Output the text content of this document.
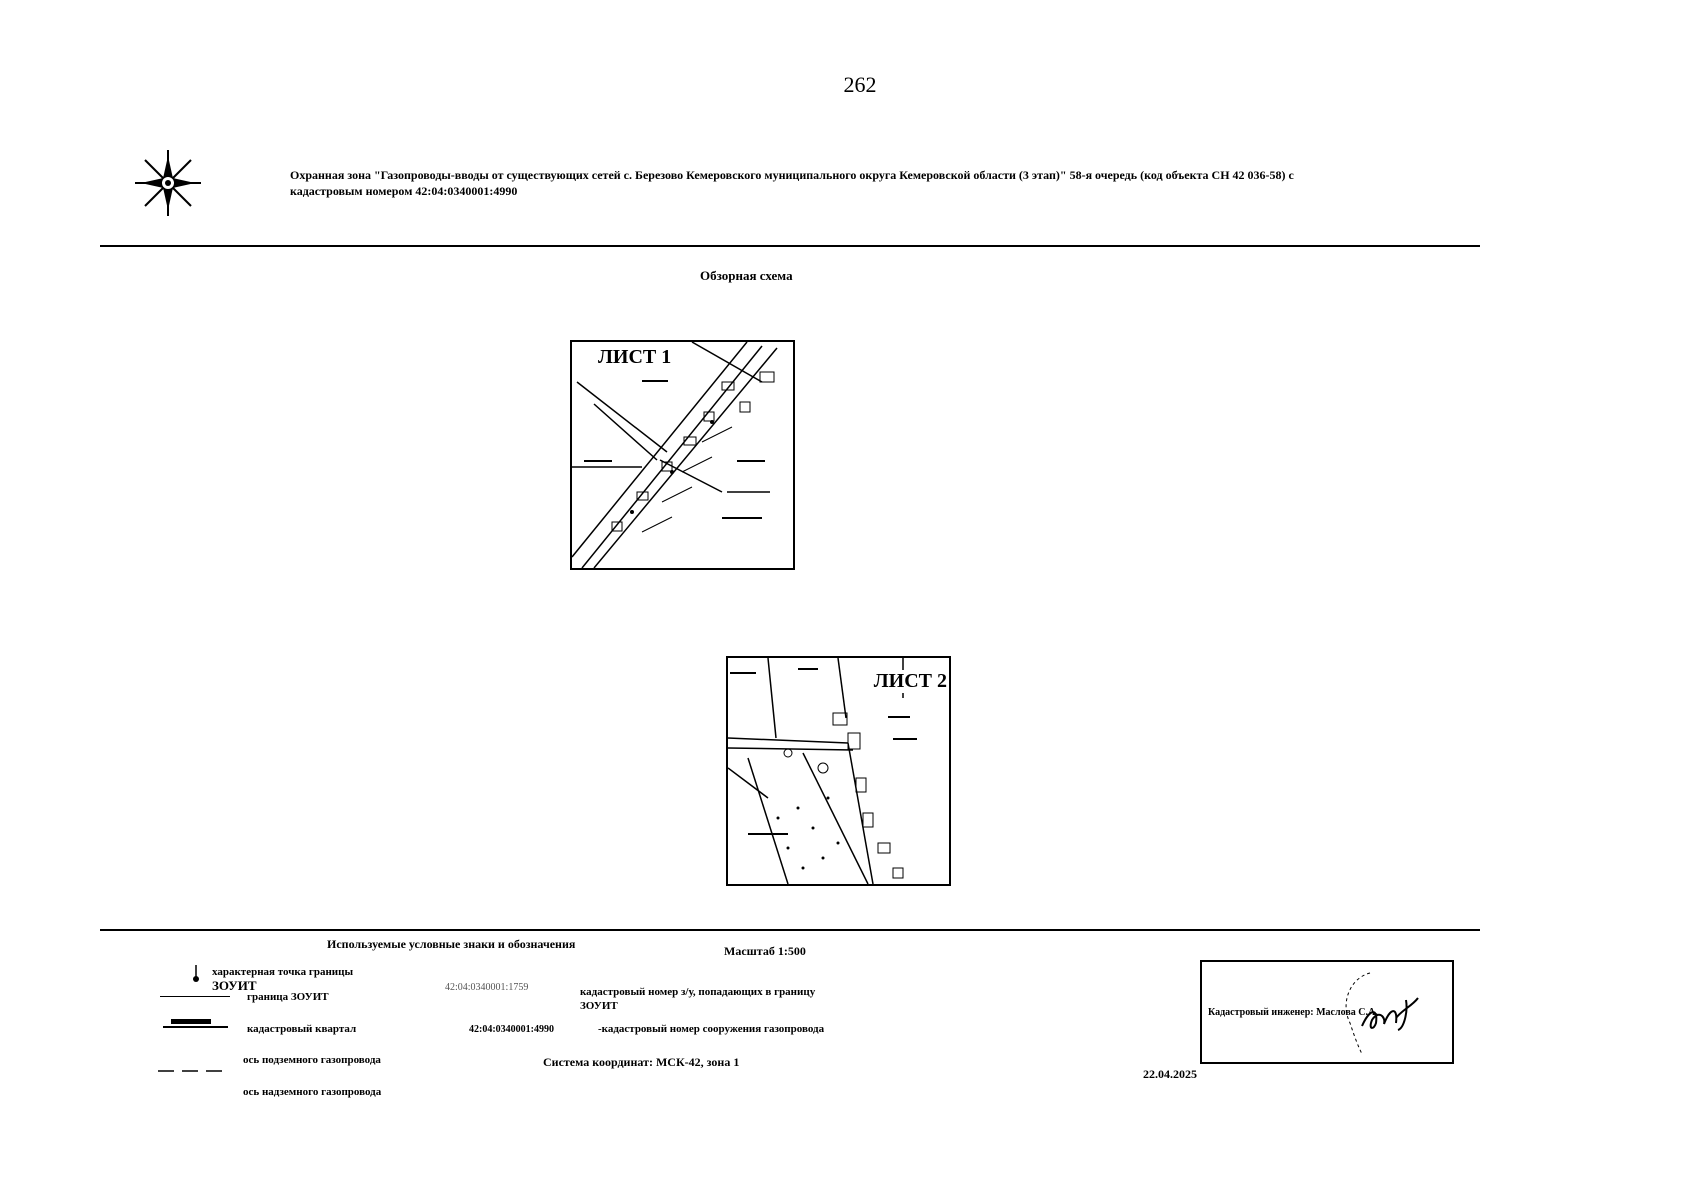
262
Охранная зона "Газопроводы-вводы от существующих сетей с. Березово Кемеровского муниципального округа Кемеровской области (3 этап)" 58-я очередь (код объекта СН 42 036-58) с
кадастровым номером 42:04:0340001:4990
Обзорная схема
ЛИСТ 1
ЛИСТ 2
Используемые условные знаки и обозначения	Масштаб 1:500
характерная точка границы
ЗОУИТ
граница ЗОУИТ
кадастровый квартал
ось подземного газопровода
ось надземного газопровода
42:04:0340001:1759	кадастровый номер з/у, попадающих в границу ЗОУИТ
42:04:0340001:4990	-кадастровый номер сооружения газопровода
Система координат: МСК-42, зона 1
Кадастровый инженер: Маслова С.А.
22.04.2025
